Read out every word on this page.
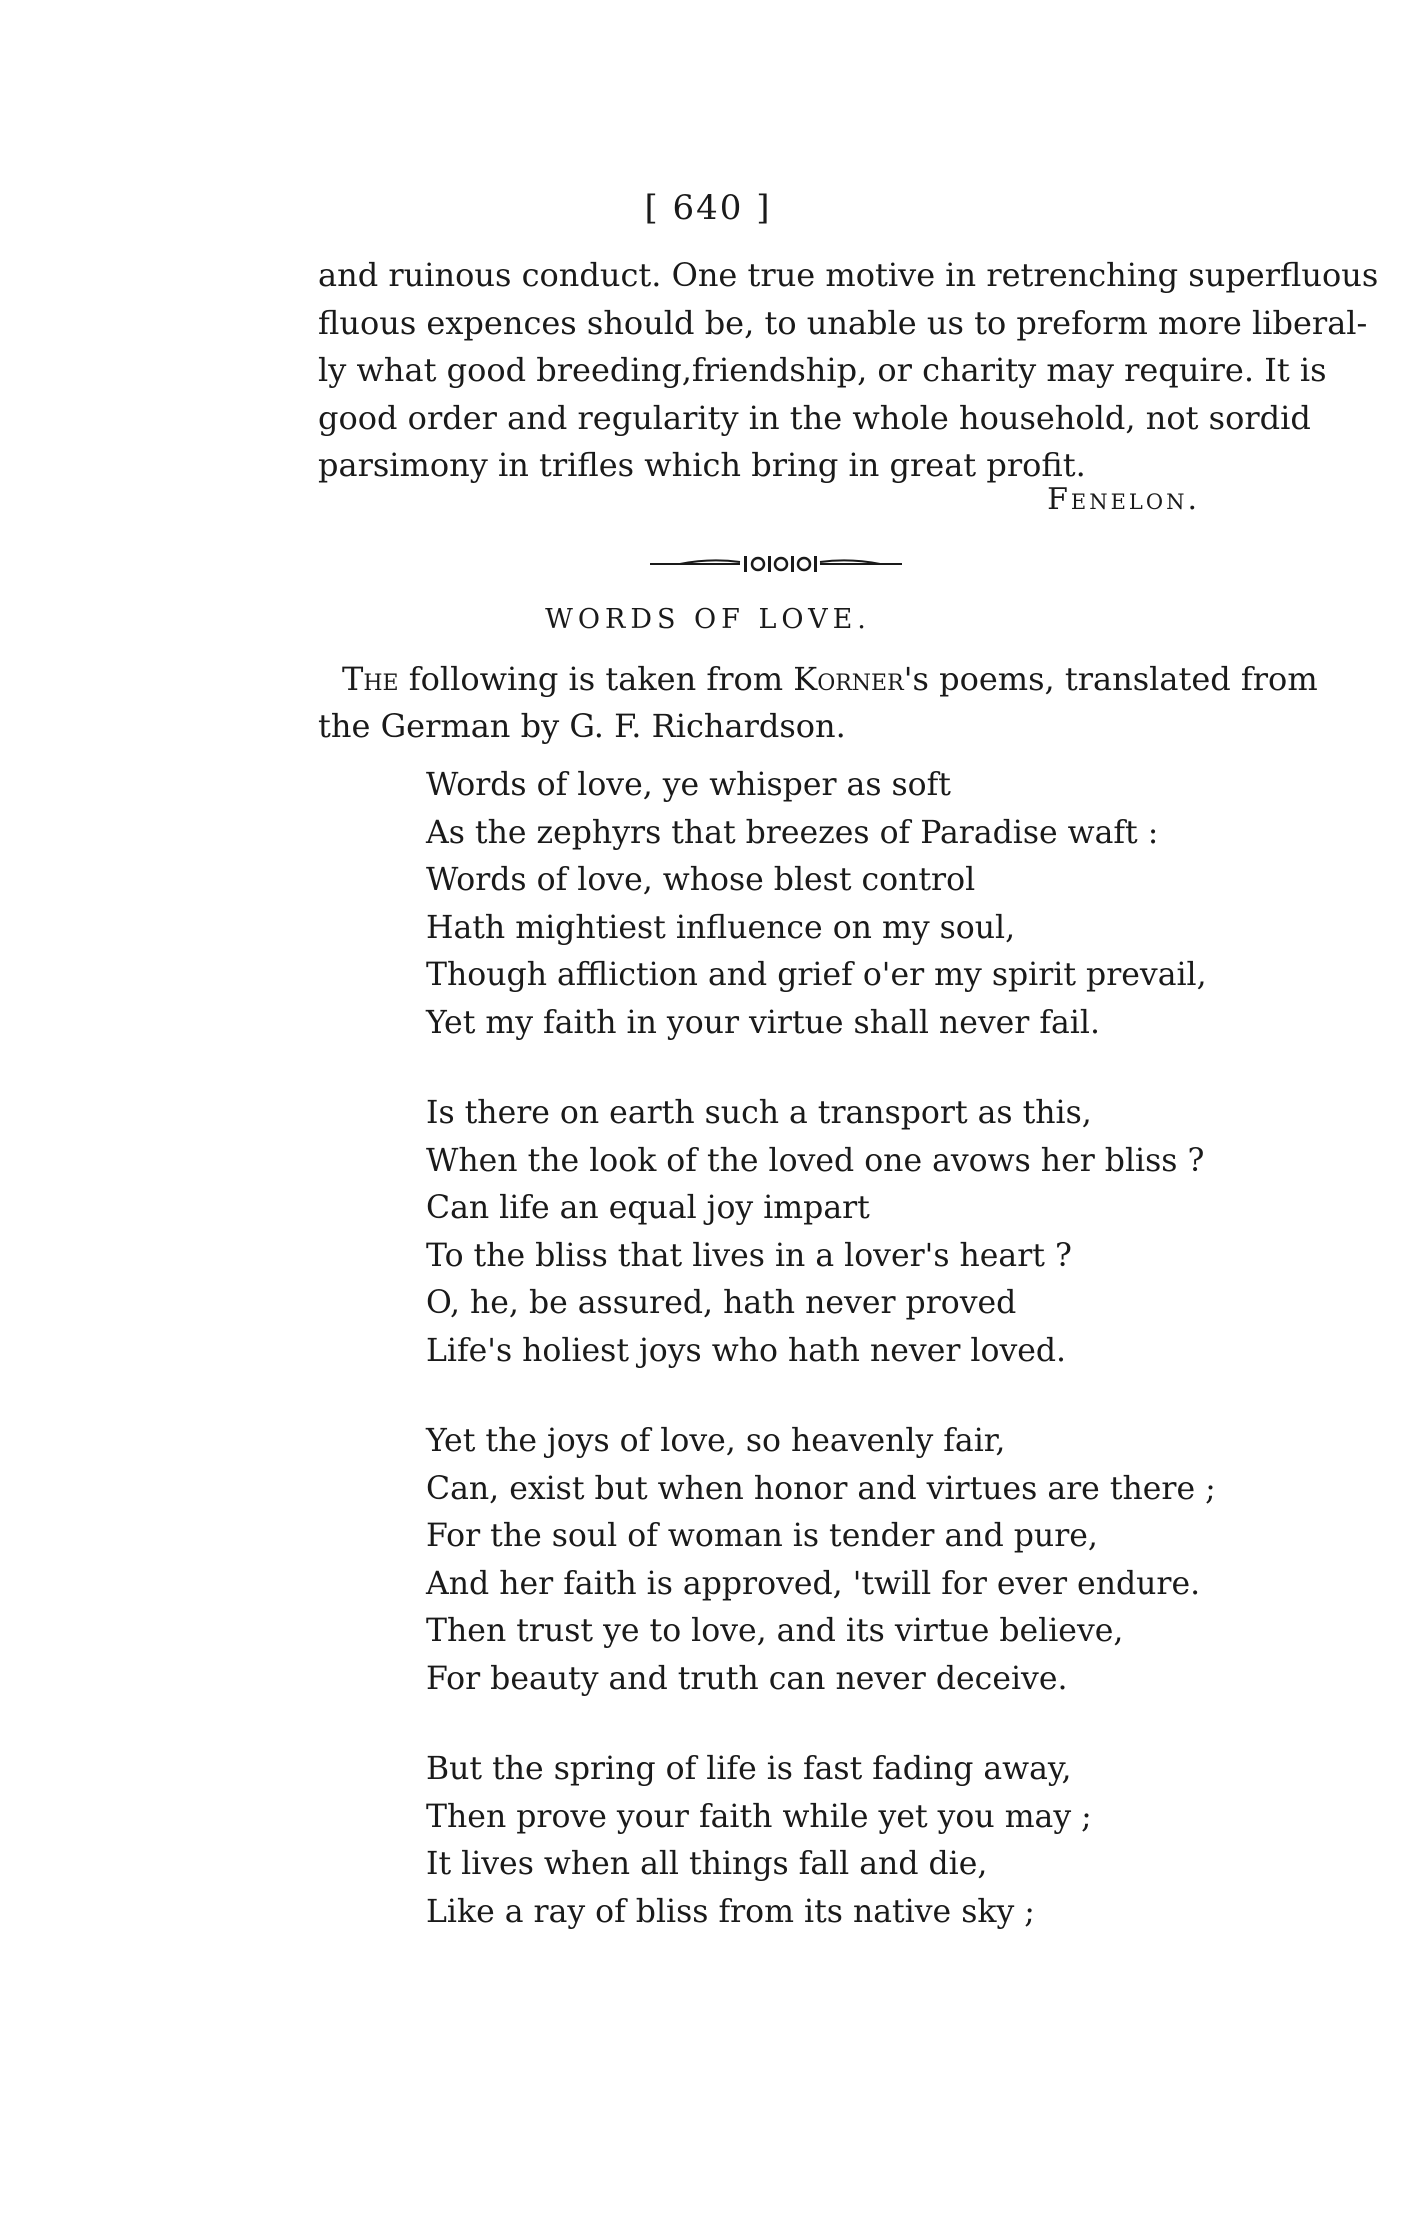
[ 640 ]
and ruinous conduct. One true motive in retrenching superfluous
fluous expences should be, to unable us to preform more liberal-
ly what good breeding,friendship, or charity may require. It is
good order and regularity in the whole household, not sordid
parsimony in trifles which bring in great profit.
Fenelon.
WORDS OF LOVE.
The following is taken from Korner's poems, translated from
the German by G. F. Richardson.
Words of love, ye whisper as soft
As the zephyrs that breezes of Paradise waft :
Words of love, whose blest control
Hath mightiest influence on my soul,
Though affliction and grief o'er my spirit prevail,
Yet my faith in your virtue shall never fail.
Is there on earth such a transport as this,
When the look of the loved one avows her bliss ?
Can life an equal joy impart
To the bliss that lives in a lover's heart ?
O, he, be assured, hath never proved
Life's holiest joys who hath never loved.
Yet the joys of love, so heavenly fair,
Can, exist but when honor and virtues are there ;
For the soul of woman is tender and pure,
And her faith is approved, 'twill for ever endure.
Then trust ye to love, and its virtue believe,
For beauty and truth can never deceive.
But the spring of life is fast fading away,
Then prove your faith while yet you may ;
It lives when all things fall and die,
Like a ray of bliss from its native sky ;
